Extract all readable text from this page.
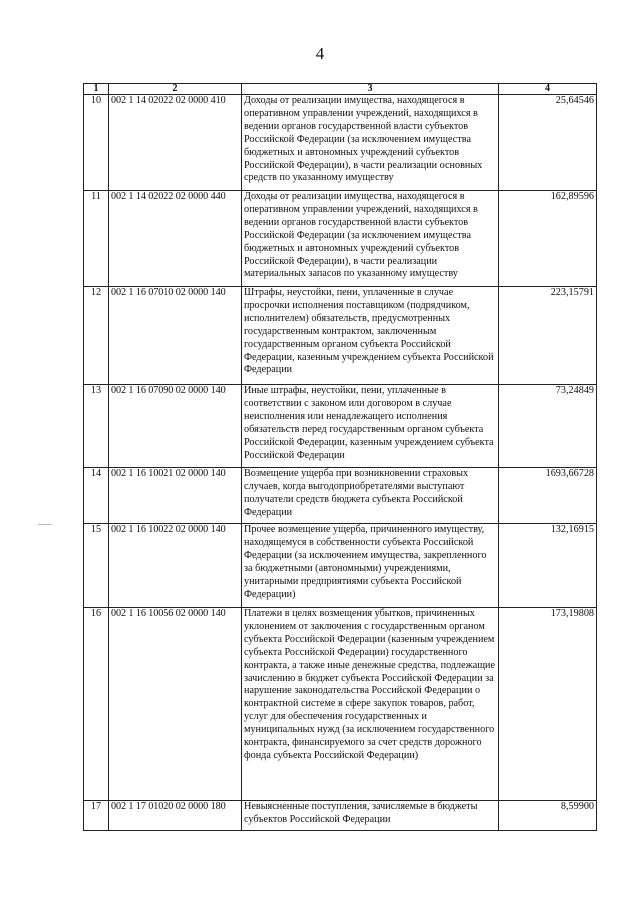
4
1	2	3	4
10	002 1 14 02022 02 0000 410	Доходы от реализации имущества, находящегося в оперативном управлении учреждений, находящихся в ведении органов государственной власти субъектов Российской Федерации (за исключением имущества бюджетных и автономных учреждений субъектов Российской Федерации), в части реализации основных средств по указанному имуществу	25,64546
11	002 1 14 02022 02 0000 440	Доходы от реализации имущества, находящегося в оперативном управлении учреждений, находящихся в ведении органов государственной власти субъектов Российской Федерации (за исключением имущества бюджетных и автономных учреждений субъектов Российской Федерации), в части реализации материальных запасов по указанному имуществу	162,89596
12	002 1 16 07010 02 0000 140	Штрафы, неустойки, пени, уплаченные в случае просрочки исполнения поставщиком (подрядчиком, исполнителем) обязательств, предусмотренных государственным контрактом, заключенным государственным органом субъекта Российской Федерации, казенным учреждением субъекта Российской Федерации	223,15791
13	002 1 16 07090 02 0000 140	Иные штрафы, неустойки, пени, уплаченные в соответствии с законом или договором в случае неисполнения или ненадлежащего исполнения обязательств перед государственным органом субъекта Российской Федерации, казенным учреждением субъекта Российской Федерации	73,24849
14	002 1 16 10021 02 0000 140	Возмещение ущерба при возникновении страховых случаев, когда выгодоприобретателями выступают получатели средств бюджета субъекта Российской Федерации	1693,66728
15	002 1 16 10022 02 0000 140	Прочее возмещение ущерба, причиненного имуществу, находящемуся в собственности субъекта Российской Федерации (за исключением имущества, закрепленного за бюджетными (автономными) учреждениями, унитарными предприятиями субъекта Российской Федерации)	132,16915
16	002 1 16 10056 02 0000 140	Платежи в целях возмещения убытков, причиненных уклонением от заключения с государственным органом субъекта Российской Федерации (казенным учреждением субъекта Российской Федерации) государственного контракта, а также иные денежные средства, подлежащие зачислению в бюджет субъекта Российской Федерации за нарушение законодательства Российской Федерации о контрактной системе в сфере закупок товаров, работ, услуг для обеспечения государственных и муниципальных нужд (за исключением государственного контракта, финансируемого за счет средств дорожного фонда субъекта Российской Федерации)	173,19808
17	002 1 17 01020 02 0000 180	Невыясненные поступления, зачисляемые в бюджеты субъектов Российской Федерации	8,59900
